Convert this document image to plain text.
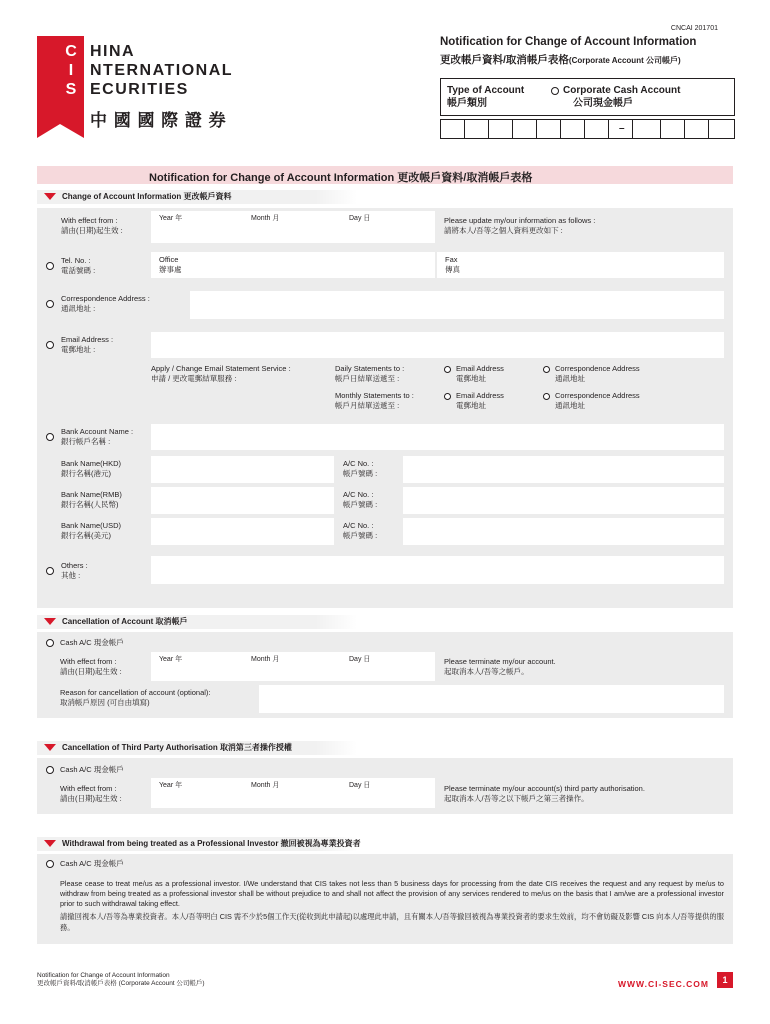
CNCAI 201701
C
I
S
HINA
NTERNATIONAL
ECURITIES
中 國 國 際 證 券
Notification for Change of Account Information
更改帳戶資料/取消帳戶表格(Corporate Account 公司帳戶)
Type of Account
帳戶類別
Corporate Cash Account
公司現金帳戶
–
Notification for Change of Account Information 更改帳戶資料/取消帳戶表格
Change of Account Information 更改帳戶資料
Year 年	Month 月	Day 日
With effect from :
請由(日期)起生效 :
Please update my/our information as follows :
請將本人/吾等之個人資料更改如下 :
Tel. No. :
電話號碼 :
Office
辦事處
Fax
傳真
Correspondence Address :
通訊地址 :
Email Address :
電郵地址 :
Apply / Change Email Statement Service :
申請 / 更改電郵結單服務 :
Daily Statements to :
帳戶日結單送遞至 :
Email Address
電郵地址
Correspondence Address
通訊地址
Monthly Statements to :
帳戶月結單送遞至 :
Email Address
電郵地址
Correspondence Address
通訊地址
Bank Account Name :
銀行帳戶名稱 :
Bank Name(HKD)
銀行名稱(港元)
A/C No. :
帳戶號碼 :
Bank Name(RMB)
銀行名稱(人民幣)
A/C No. :
帳戶號碼 :
Bank Name(USD)
銀行名稱(美元)
A/C No. :
帳戶號碼 :
Others :
其他 :
Cancellation of Account 取消帳戶
Cash A/C 現金帳戶
Year 年	Month 月	Day 日
With effect from :
請由(日期)起生效 :
Please terminate my/our account.
起取消本人/吾等之帳戶。
Reason for cancellation of account (optional):
取消帳戶原因 (可自由填寫)
Cancellation of Third Party Authorisation 取消第三者操作授權
Cash A/C 現金帳戶
Year 年	Month 月	Day 日
With effect from :
請由(日期)起生效 :
Please terminate my/our account(s) third party authorisation.
起取消本人/吾等之以下帳戶之第三者操作。
Withdrawal from being treated as a Professional Investor 撤回被視為專業投資者
Cash A/C 現金帳戶
Please cease to treat me/us as a professional investor. I/We understand that CIS takes not less than 5 business days for processing from the date CIS receives the request and any request by me/us to withdraw from being treated as a professional investor shall be without prejudice to and shall not affect the provision of any services rendered to me/us on the basis that I am/we are a professional investor prior to such withdrawal taking effect.
請撤回視本人/吾等為專業投資者。本人/吾等明白 CIS 需不少於5個工作天(從收到此申請起)以處理此申請，且有關本人/吾等撤回被視為專業投資者的要求生效前，均不會妨礙及影響 CIS 向本人/吾等提供的服務。
Notification for Change of Account Information
更改帳戶資料/取消帳戶表格 (Corporate Account 公司帳戶)	WWW.CI-SEC.COM	1
